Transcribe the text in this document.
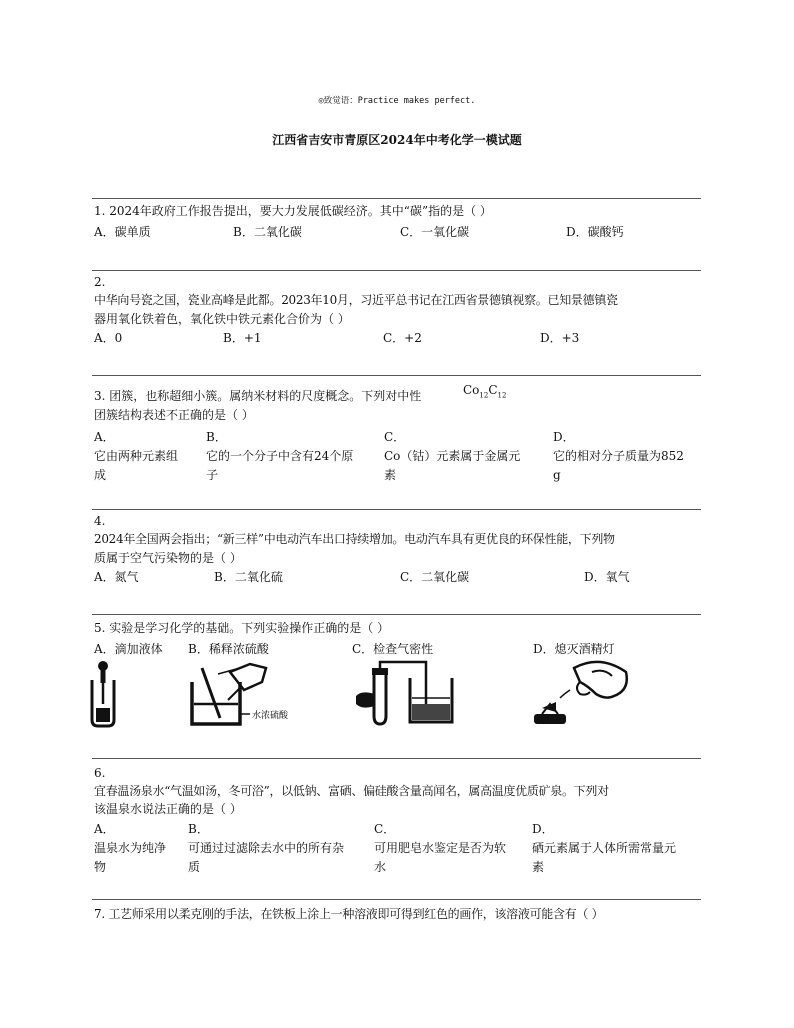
◎致觉语：Practice makes perfect.
江西省吉安市青原区2024年中考化学一模试题
1. 2024年政府工作报告提出，要大力发展低碳经济。其中“碳”指的是（ ）
A．碳单质	B．二氧化碳	C．一氧化碳	D．碳酸钙
2.
中华向号瓷之国，瓷业高峰是此都。2023年10月，习近平总书记在江西省景德镇视察。已知景德镇瓷
器用氧化铁着色，氧化铁中铁元素化合价为（ ）
A．0	B．+1	C．+2	D．+3
3. 团簇，也称超细小簇。属纳米材料的尺度概念。下列对中性	$Co_{12}C_{12}$
团簇结构表述不正确的是（ ）
A．
它由两种元素组
成
B．
它的一个分子中含有24个原
子
C．
Co（钴）元素属于金属元
素
D．
它的相对分子质量为852
g
4.
2024年全国两会指出；“新三样”中电动汽车出口持续增加。电动汽车具有更优良的环保性能，下列物
质属于空气污染物的是（ ）
A．氮气	B．二氧化硫	C．二氧化碳	D．氧气
5. 实验是学习化学的基础。下列实验操作正确的是（ ）
A．滴加液体 B．稀释浓硫酸	C．检查气密性	D．熄灭酒精灯
水 浓硫酸
6.
宜春温汤泉水“气温如汤，冬可浴”，以低钠、富硒、偏硅酸含量高闻名，属高温度优质矿泉。下列对
该温泉水说法正确的是（ ）
A．
温泉水为纯净
物
B．
可通过过滤除去水中的所有杂
质
C．
可用肥皂水鉴定是否为软
水
D．
硒元素属于人体所需常量元
素
7. 工艺师采用以柔克刚的手法，在铁板上涂上一种溶液即可得到红色的画作，该溶液可能含有（ ）
